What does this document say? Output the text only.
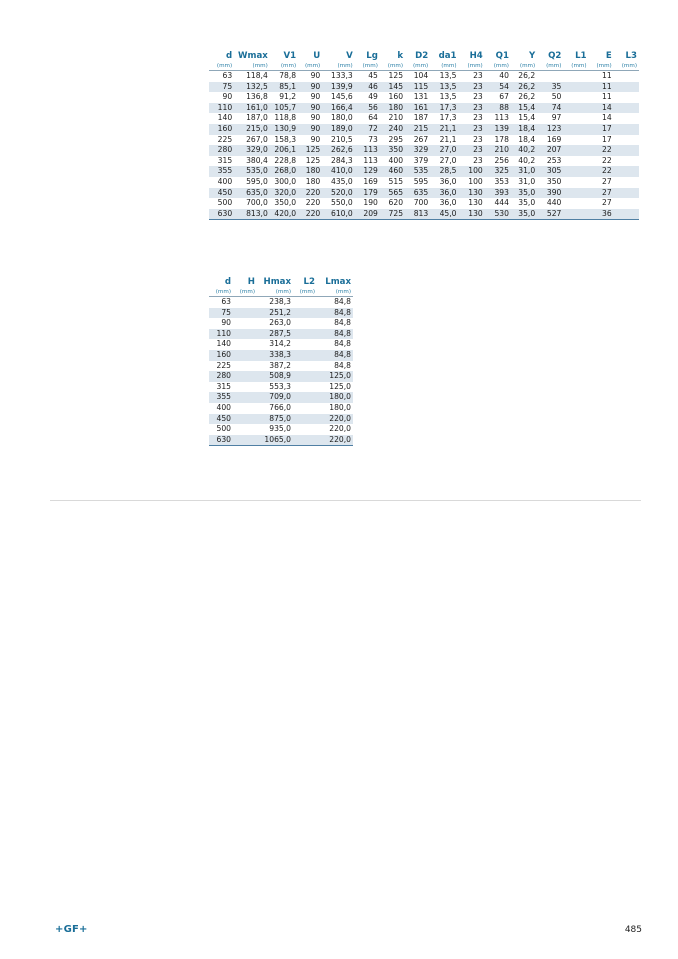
d	Wmax	V1	U	V	Lg	k	D2	da1	H4	Q1	Y	Q2	L1	E	L3
(mm)	(mm)	(mm)	(mm)	(mm)	(mm)	(mm)	(mm)	(mm)	(mm)	(mm)	(mm)	(mm)	(mm)	(mm)	(mm)
63	118,4	78,8	90	133,3	45	125	104	13,5	23	40	26,2			11	
75	132,5	85,1	90	139,9	46	145	115	13,5	23	54	26,2	35		11	
90	136,8	91,2	90	145,6	49	160	131	13,5	23	67	26,2	50		11	
110	161,0	105,7	90	166,4	56	180	161	17,3	23	88	15,4	74		14	
140	187,0	118,8	90	180,0	64	210	187	17,3	23	113	15,4	97		14	
160	215,0	130,9	90	189,0	72	240	215	21,1	23	139	18,4	123		17	
225	267,0	158,3	90	210,5	73	295	267	21,1	23	178	18,4	169		17	
280	329,0	206,1	125	262,6	113	350	329	27,0	23	210	40,2	207		22	
315	380,4	228,8	125	284,3	113	400	379	27,0	23	256	40,2	253		22	
355	535,0	268,0	180	410,0	129	460	535	28,5	100	325	31,0	305		22	
400	595,0	300,0	180	435,0	169	515	595	36,0	100	353	31,0	350		27	
450	635,0	320,0	220	520,0	179	565	635	36,0	130	393	35,0	390		27	
500	700,0	350,0	220	550,0	190	620	700	36,0	130	444	35,0	440		27	
630	813,0	420,0	220	610,0	209	725	813	45,0	130	530	35,0	527		36	
d	H	Hmax	L2	Lmax
(mm)	(mm)	(mm)	(mm)	(mm)
63		238,3		84,8
75		251,2		84,8
90		263,0		84,8
110		287,5		84,8
140		314,2		84,8
160		338,3		84,8
225		387,2		84,8
280		508,9		125,0
315		553,3		125,0
355		709,0		180,0
400		766,0		180,0
450		875,0		220,0
500		935,0		220,0
630		1065,0		220,0
+GF+	485
